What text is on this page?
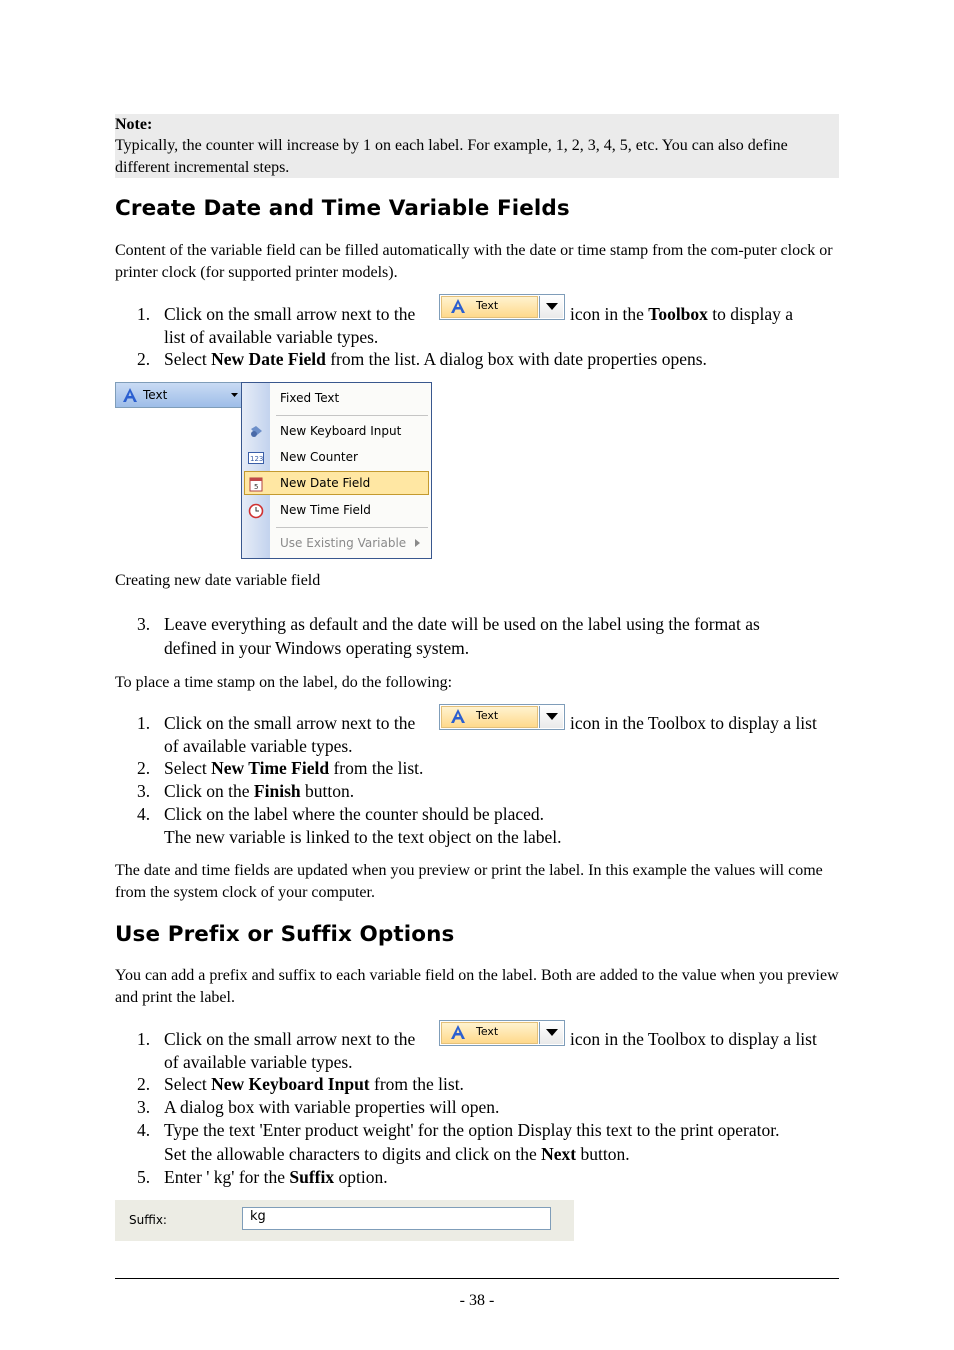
Note:
Typically, the counter will increase by 1 on each label. For example, 1, 2, 3, 4, 5, etc. You can also define different incremental steps.
Create Date and Time Variable Fields
Content of the variable field can be filled automatically with the date or time stamp from the com-puter clock or printer clock (for supported printer models).
1. Click on the small arrow next to the	Text	icon in the Toolbox to display a
list of available variable types.
2. Select New Date Field from the list. A dialog box with date properties opens.
Text	Fixed Text
New Keyboard Input
123 New Counter
5 New Date Field
New Time Field
Use Existing Variable
Creating new date variable field
3. Leave everything as default and the date will be used on the label using the format as
defined in your Windows operating system.
To place a time stamp on the label, do the following:
1. Click on the small arrow next to the	Text	icon in the Toolbox to display a list
of available variable types.
2. Select New Time Field from the list.
3. Click on the Finish button.
4. Click on the label where the counter should be placed.
The new variable is linked to the text object on the label.
The date and time fields are updated when you preview or print the label. In this example the values will come from the system clock of your computer.
Use Prefix or Suffix Options
You can add a prefix and suffix to each variable field on the label. Both are added to the value when you preview and print the label.
1. Click on the small arrow next to the	Text	icon in the Toolbox to display a list
of available variable types.
2. Select New Keyboard Input from the list.
3. A dialog box with variable properties will open.
4. Type the text 'Enter product weight' for the option Display this text to the print operator.
Set the allowable characters to digits and click on the Next button.
5. Enter ' kg' for the Suffix option.
Suffix:	kg
- 38 -
